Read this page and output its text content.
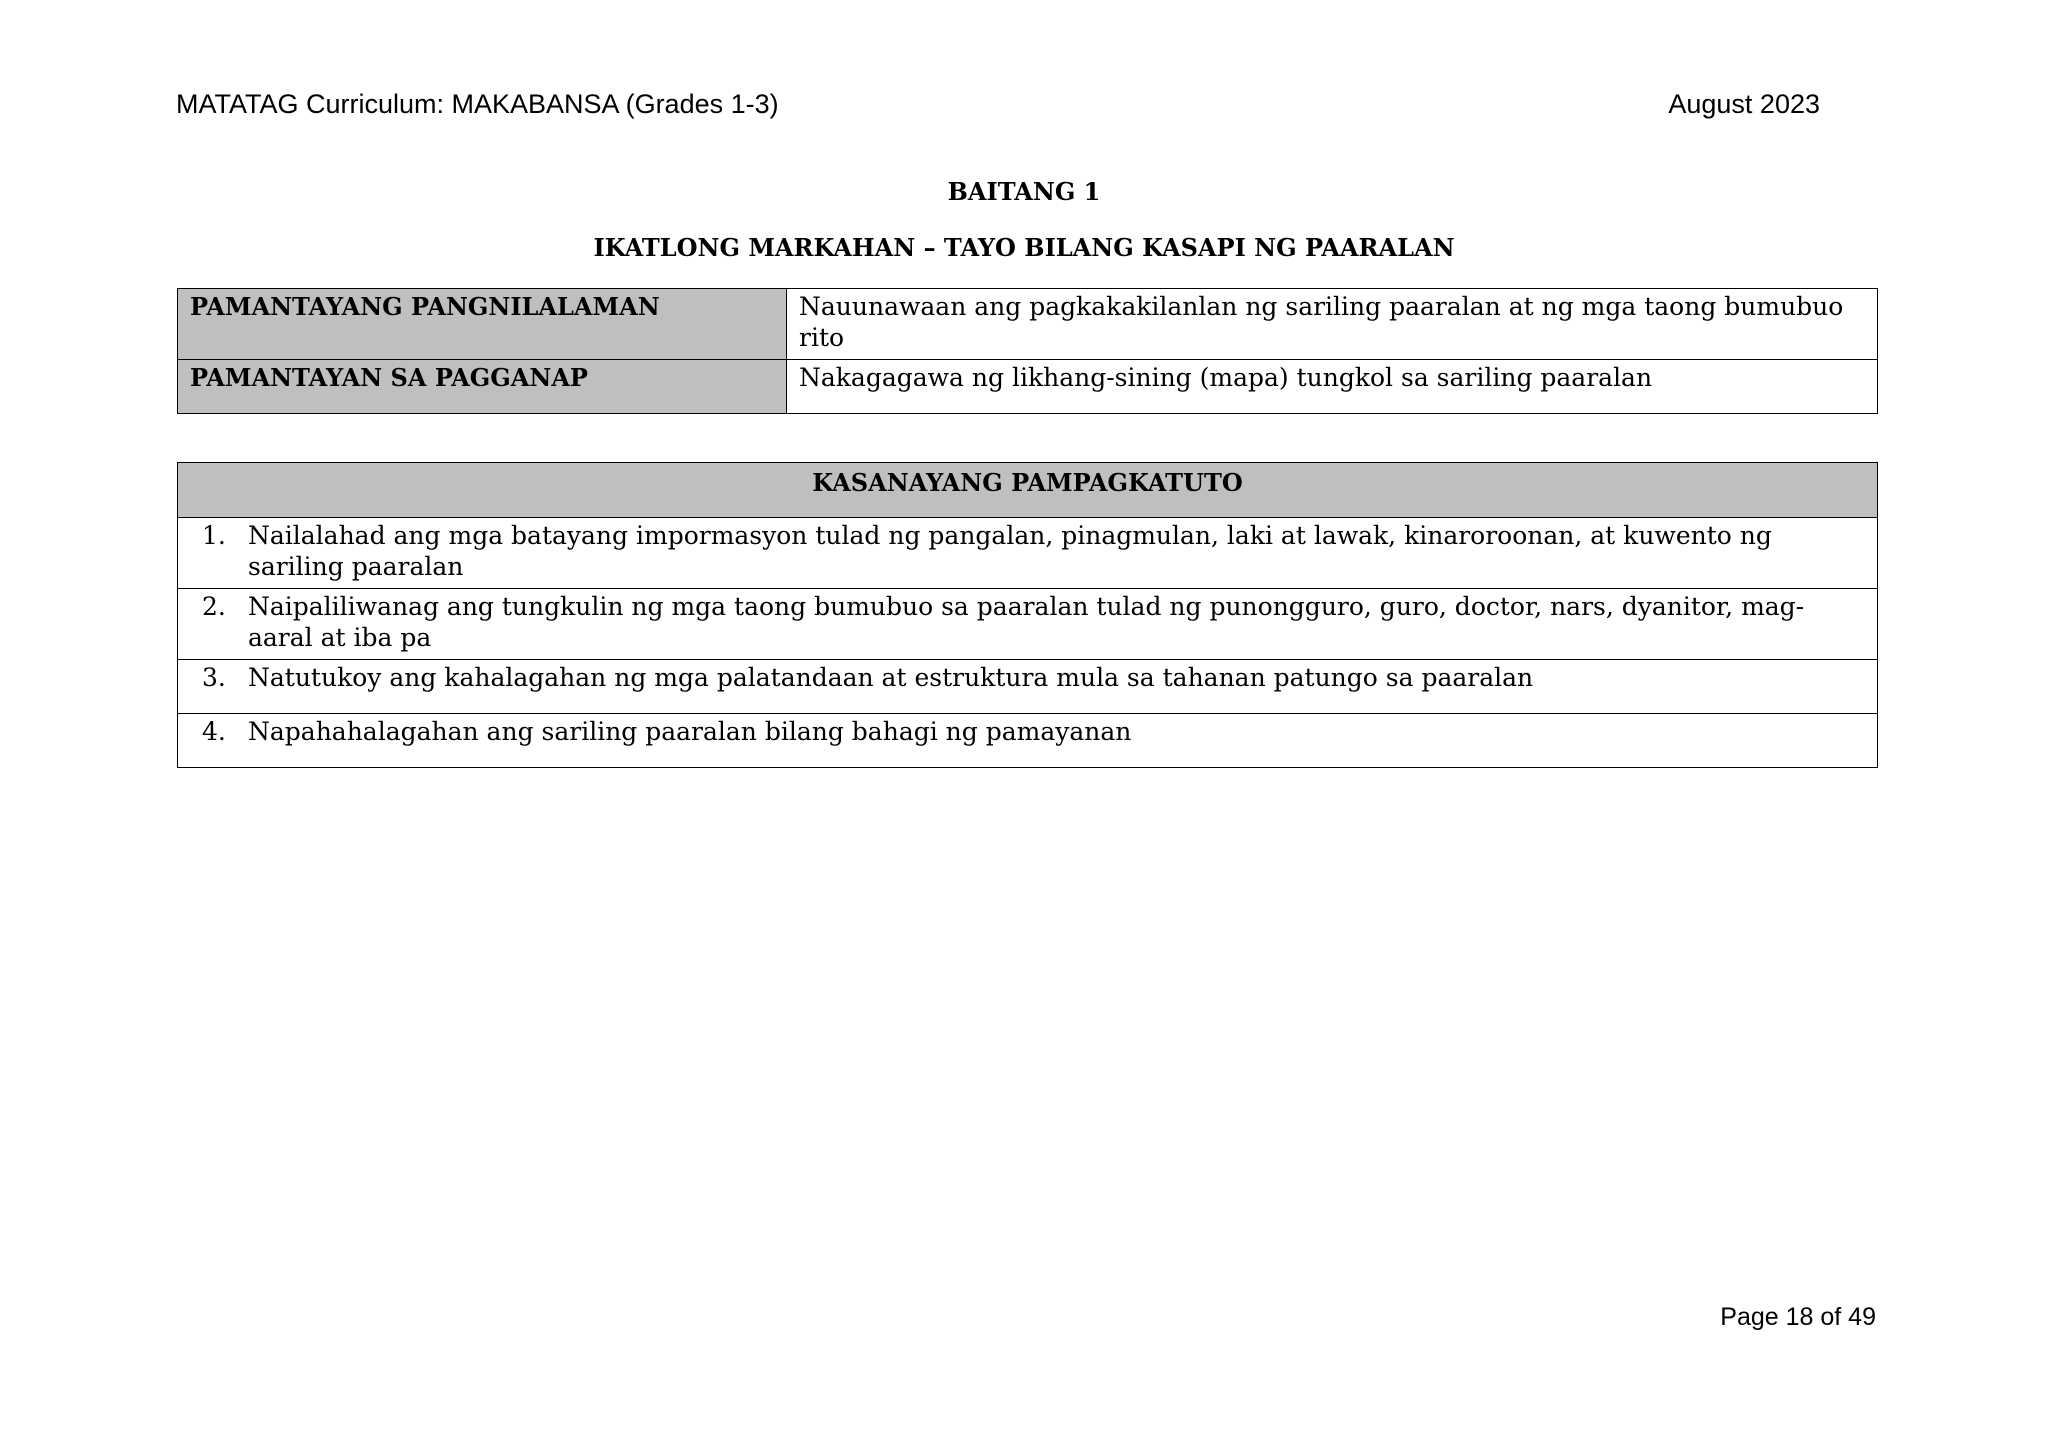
MATATAG Curriculum: MAKABANSA (Grades 1-3)	August 2023
BAITANG 1
IKATLONG MARKAHAN – TAYO BILANG KASAPI NG PAARALAN
PAMANTAYANG PANGNILALAMAN	Nauunawaan ang pagkakakilanlan ng sariling paaralan at ng mga taong bumubuo rito
PAMANTAYAN SA PAGGANAP	Nakagagawa ng likhang-sining (mapa) tungkol sa sariling paaralan
KASANAYANG PAMPAGKATUTO

1. Nailalahad ang mga batayang impormasyon tulad ng pangalan, pinagmulan, laki at lawak, kinaroroonan, at kuwento ng sariling paaralan

2. Naipaliliwanag ang tungkulin ng mga taong bumubuo sa paaralan tulad ng punongguro, guro, doctor, nars, dyanitor, mag-aaral at iba pa

3. Natutukoy ang kahalagahan ng mga palatandaan at estruktura mula sa tahanan patungo sa paaralan

4. Napahahalagahan ang sariling paaralan bilang bahagi ng pamayanan
Page 18 of 49
